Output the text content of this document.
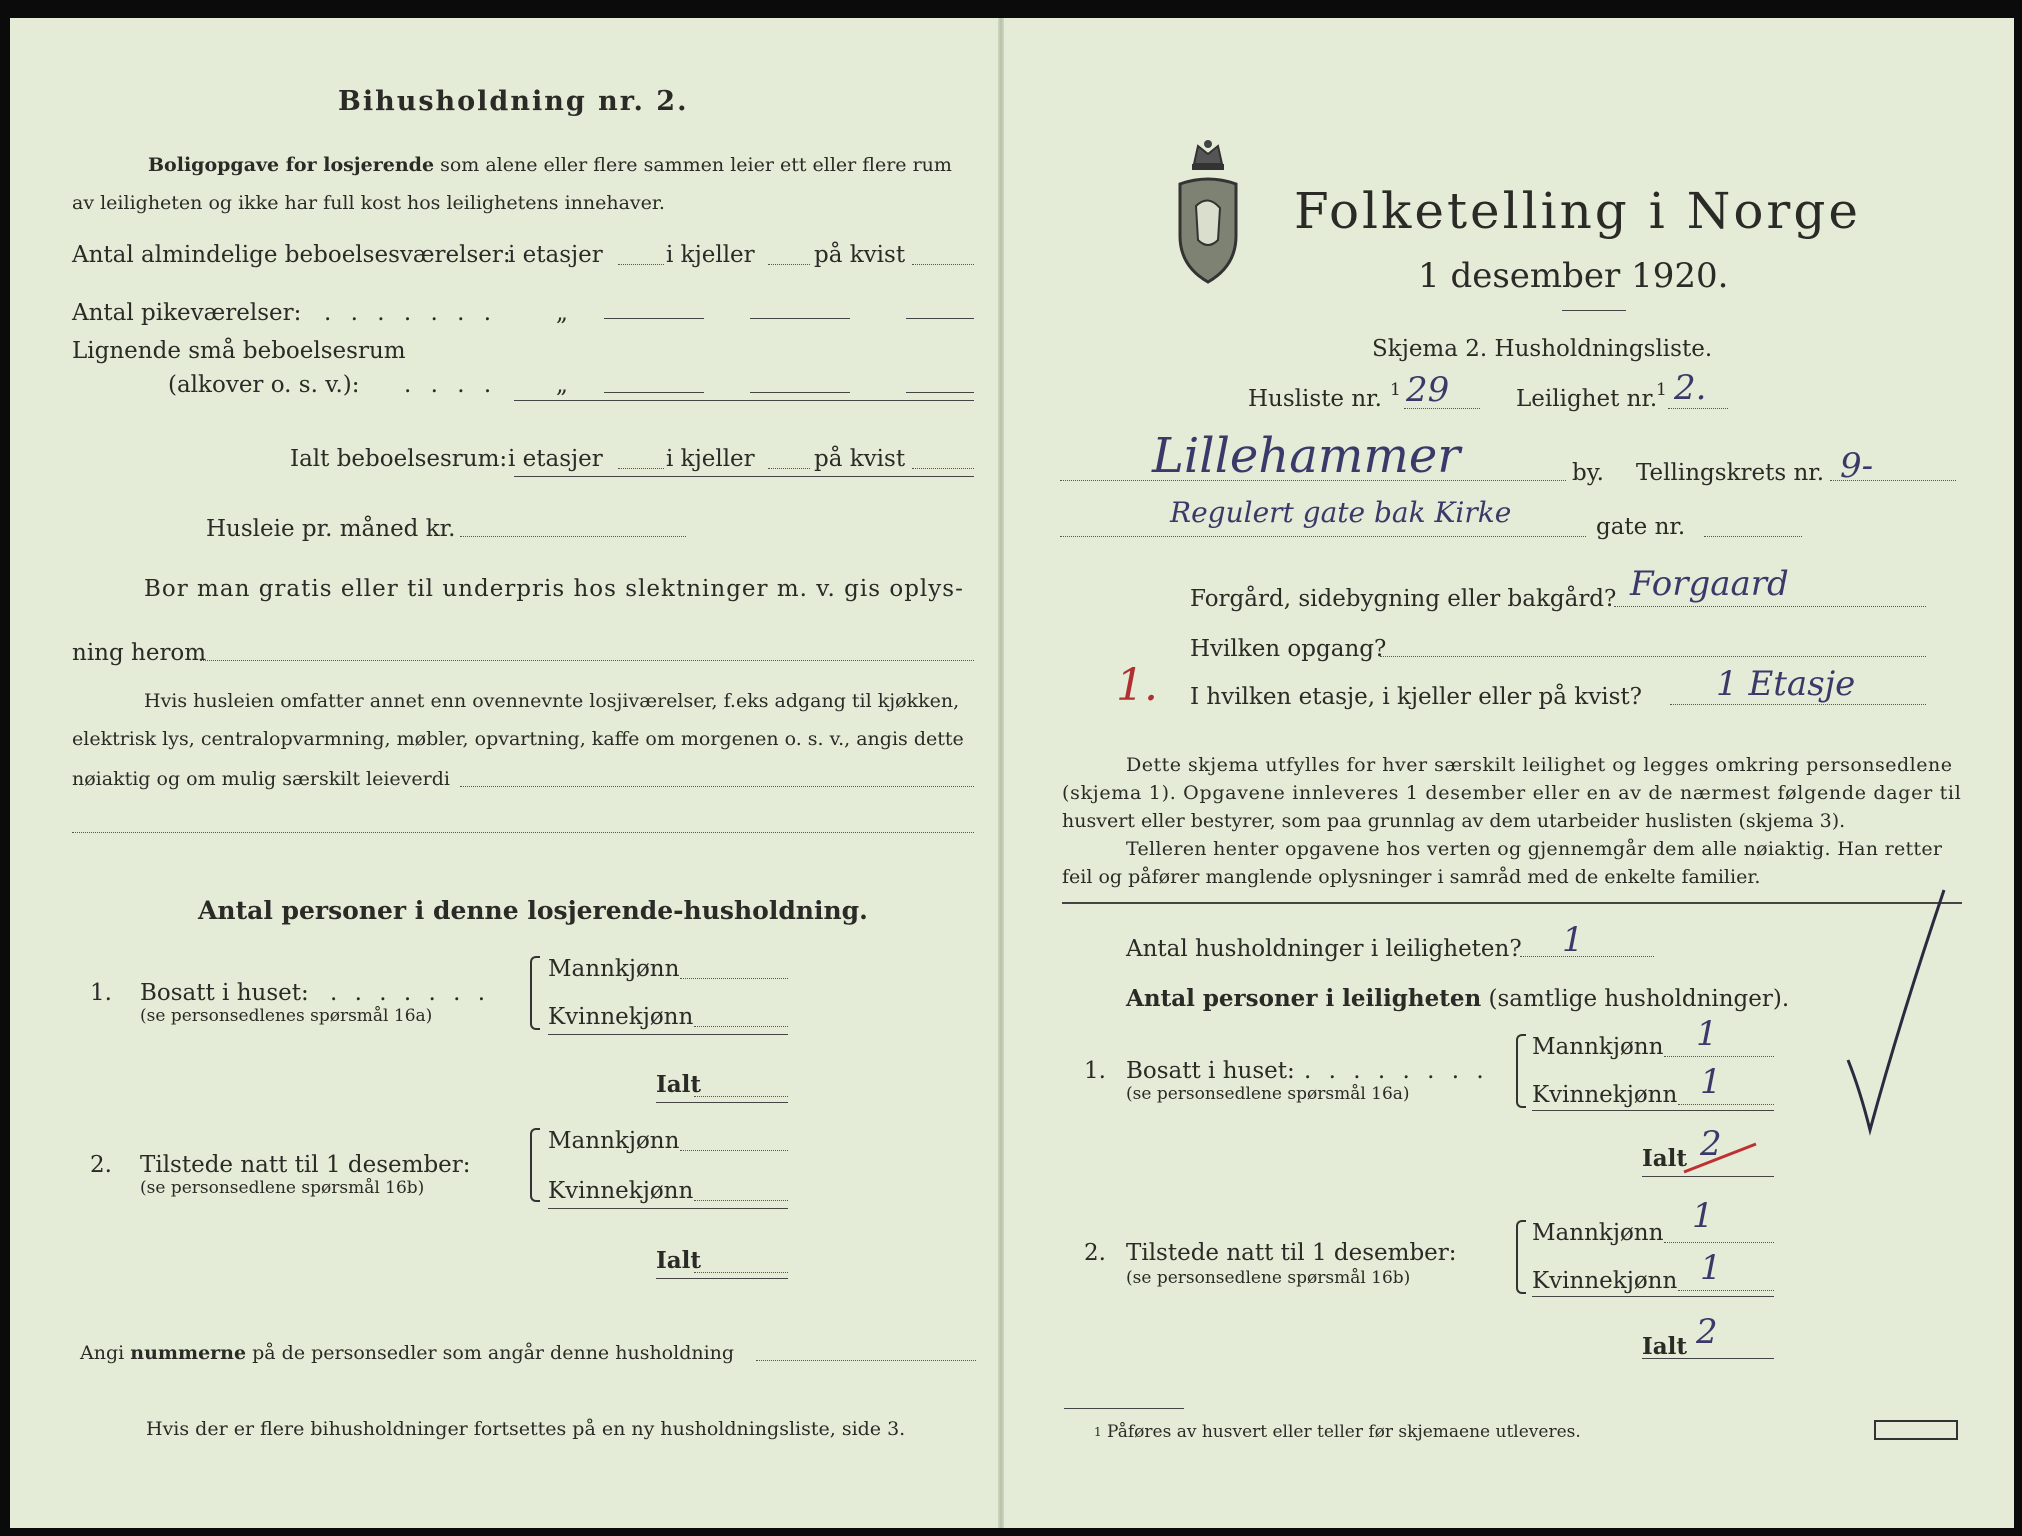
Bihusholdning nr. 2.
Boligopgave for losjerende som alene eller flere sammen leier ett eller flere rum
av leiligheten og ikke har full kost hos leilighetens innehaver.
Antal almindelige beboelsesværelser:
i etasjer	i kjeller	på kvist
Antal pikeværelser: . . . . . . .	„
Lignende små beboelsesrum
(alkover o. s. v.): . . . .	„
Ialt beboelsesrum: i etasjer	i kjeller	på kvist
Husleie pr. måned kr.
Bor man gratis eller til underpris hos slektninger m. v. gis oplys-
ning herom
Hvis husleien omfatter annet enn ovennevnte losjiværelser, f.eks adgang til kjøkken,
elektrisk lys, centralopvarmning, møbler, opvartning, kaffe om morgenen o. s. v., angis dette
nøiaktig og om mulig særskilt leieverdi
Antal personer i denne losjerende-husholdning.
1. Bosatt i huset: . . . . . . .
(se personsedlenes spørsmål 16a)
Mannkjønn
Kvinnekjønn
Ialt
2. Tilstede natt til 1 desember:
(se personsedlene spørsmål 16b)
Mannkjønn
Kvinnekjønn
Ialt
Angi nummerne på de personsedler som angår denne husholdning
Hvis der er flere bihusholdninger fortsettes på en ny husholdningsliste, side 3.
Folketelling i Norge
1 desember 1920.
Skjema 2. Husholdningsliste.
Husliste nr. 1 29	Leilighet nr.
1 2.
Lillehammer	by. Tellingskrets nr. 9-
Regulert gate bak Kirke	gate nr.
Forgård, sidebygning eller bakgård? Forgaard
Hvilken opgang?
1. I hvilken etasje, i kjeller eller på kvist? 1 Etasje
Dette skjema utfylles for hver særskilt leilighet og legges omkring personsedlene
(skjema 1). Opgavene innleveres 1 desember eller en av de nærmest følgende dager til
husvert eller bestyrer, som paa grunnlag av dem utarbeider huslisten (skjema 3).
Telleren henter opgavene hos verten og gjennemgår dem alle nøiaktig. Han retter
feil og påfører manglende oplysninger i samråd med de enkelte familier.
Antal husholdninger i leiligheten? 1
Antal personer i leiligheten (samtlige husholdninger).
1. Bosatt i huset: . . . . . . . .
(se personsedlene spørsmål 16a)
Mannkjønn 1
Kvinnekjønn 1
Ialt 2
2. Tilstede natt til 1 desember:
(se personsedlene spørsmål 16b)
Mannkjønn 1
Kvinnekjønn 1
Ialt 2
$^1$ Påføres av husvert eller teller før skjemaene utleveres.
